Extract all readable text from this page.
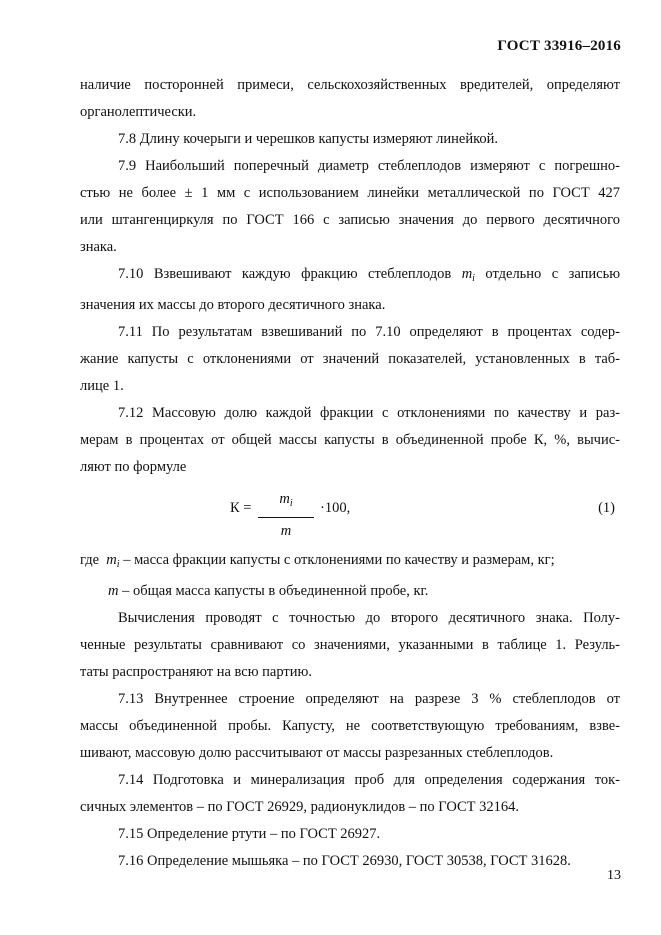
ГОСТ 33916–2016
наличие посторонней примеси, сельскохозяйственных вредителей, определяют
органолептически.
7.8 Длину кочерыги и черешков капусты измеряют линейкой.
7.9 Наибольший поперечный диаметр стеблеплодов измеряют с погрешно-
стью не более ± 1 мм с использованием линейки металлической по ГОСТ 427
или штангенциркуля по ГОСТ 166 с записью значения до первого десятичного
знака.
7.10 Взвешивают каждую фракцию стеблеплодов $m_i$ отдельно с записью
значения их массы до второго десятичного знака.
7.11 По результатам взвешиваний по 7.10 определяют в процентах содер-
жание капусты с отклонениями от значений показателей, установленных в таб-
лице 1.
7.12 Массовую долю каждой фракции с отклонениями по качеству и раз-
мерам в процентах от общей массы капусты в объединенной пробе К, %, вычис-
ляют по формуле
К =
$m_i$
m
·100,	(1)
где $m_i$ – масса фракции капусты с отклонениями по качеству и размерам, кг;
m – общая масса капусты в объединенной пробе, кг.
Вычисления проводят с точностью до второго десятичного знака. Полу-
ченные результаты сравнивают со значениями, указанными в таблице 1. Резуль-
таты распространяют на всю партию.
7.13 Внутреннее строение определяют на разрезе 3 % стеблеплодов от
массы объединенной пробы. Капусту, не соответствующую требованиям, взве-
шивают, массовую долю рассчитывают от массы разрезанных стеблеплодов.
7.14 Подготовка и минерализация проб для определения содержания ток-
сичных элементов – по ГОСТ 26929, радионуклидов – по ГОСТ 32164.
7.15 Определение ртути – по ГОСТ 26927.
7.16 Определение мышьяка – по ГОСТ 26930, ГОСТ 30538, ГОСТ 31628.
13
